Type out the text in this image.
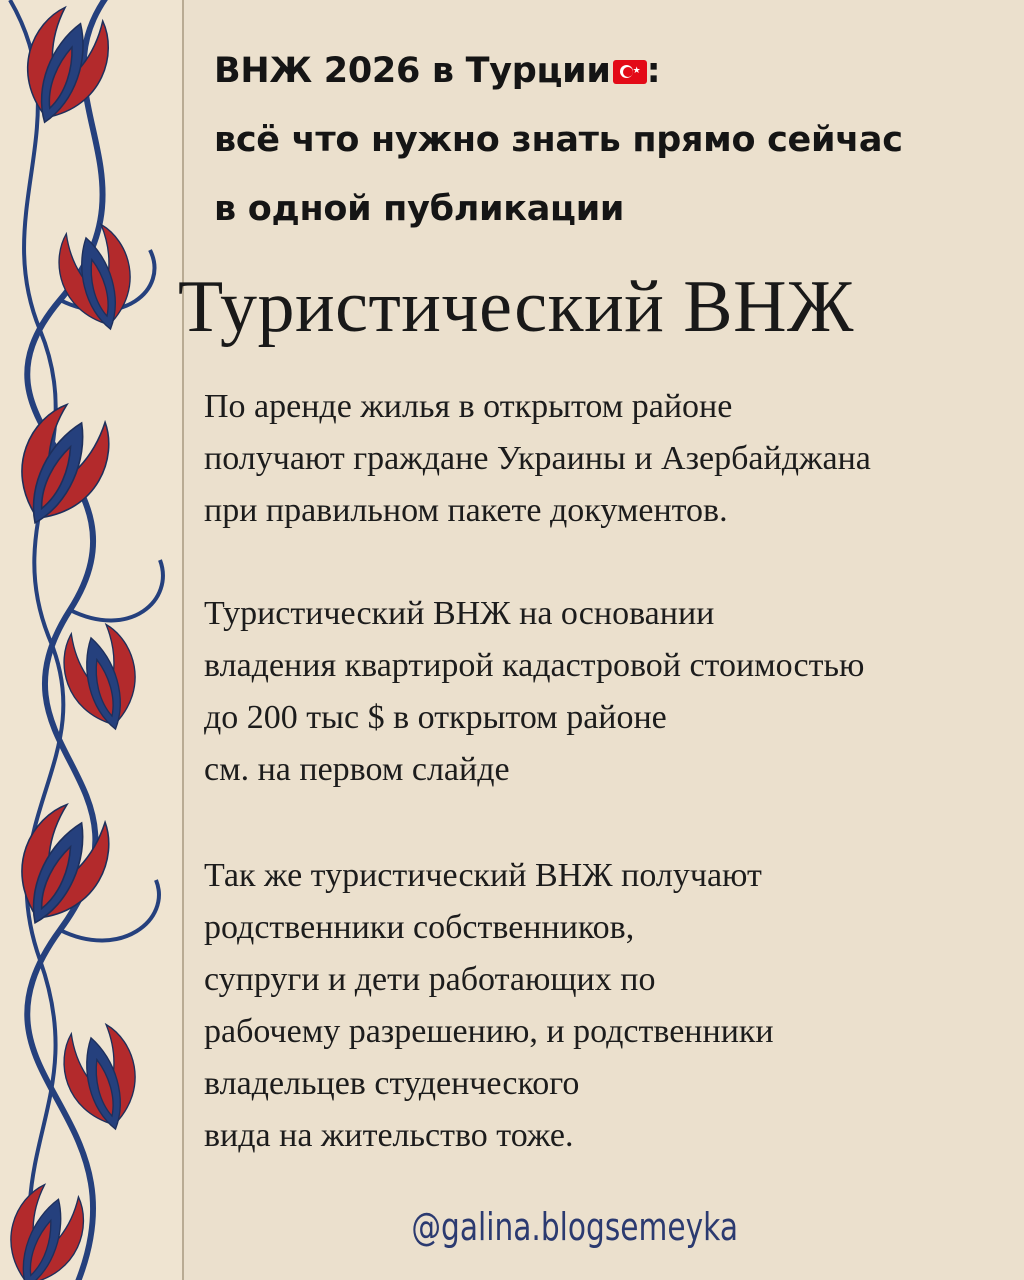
ВНЖ 2026 в Турции ★ :
всё что нужно знать прямо сейчас
в одной публикации
Туристический ВНЖ
По аренде жилья в открытом районе
получают граждане Украины и Азербайджана
при правильном пакете документов.
Туристический ВНЖ на основании
владения квартирой кадастровой стоимостью
до 200 тыс $ в открытом районе
см. на первом слайде
Так же туристический ВНЖ получают
родственники собственников,
супруги и дети работающих по
рабочему разрешению, и родственники
владельцев студенческого
вида на жительство тоже.
@galina.blogsemeyka
